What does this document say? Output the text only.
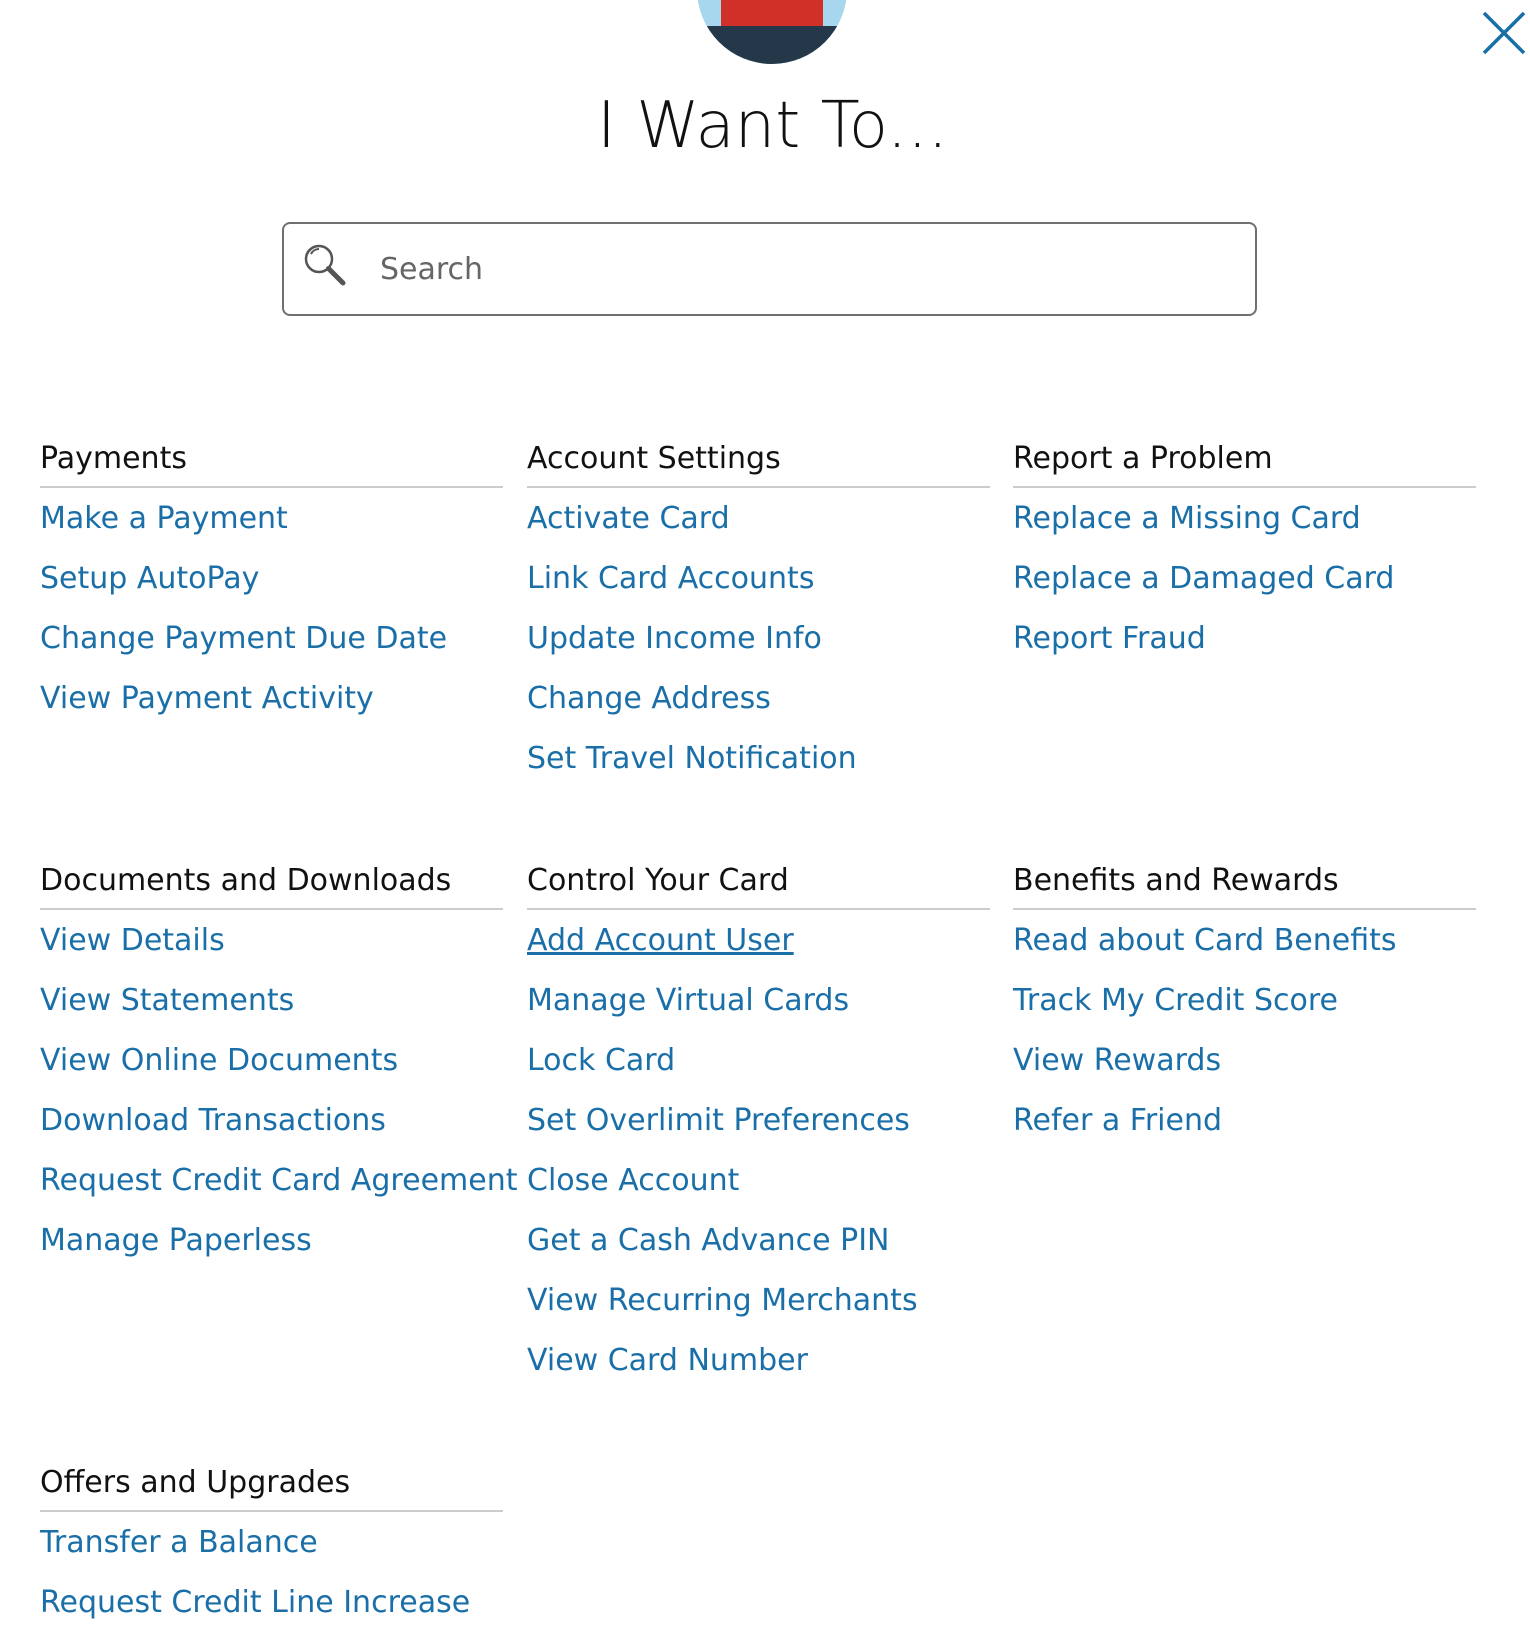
I Want To...
Search
Payments
Make a Payment
Setup AutoPay
Change Payment Due Date
View Payment Activity
Account Settings
Activate Card
Link Card Accounts
Update Income Info
Change Address
Set Travel Notification
Report a Problem
Replace a Missing Card
Replace a Damaged Card
Report Fraud
Documents and Downloads
View Details
View Statements
View Online Documents
Download Transactions
Request Credit Card Agreement
Manage Paperless
Control Your Card
Add Account User
Manage Virtual Cards
Lock Card
Set Overlimit Preferences
Close Account
Get a Cash Advance PIN
View Recurring Merchants
View Card Number
Benefits and Rewards
Read about Card Benefits
Track My Credit Score
View Rewards
Refer a Friend
Offers and Upgrades
Transfer a Balance
Request Credit Line Increase
